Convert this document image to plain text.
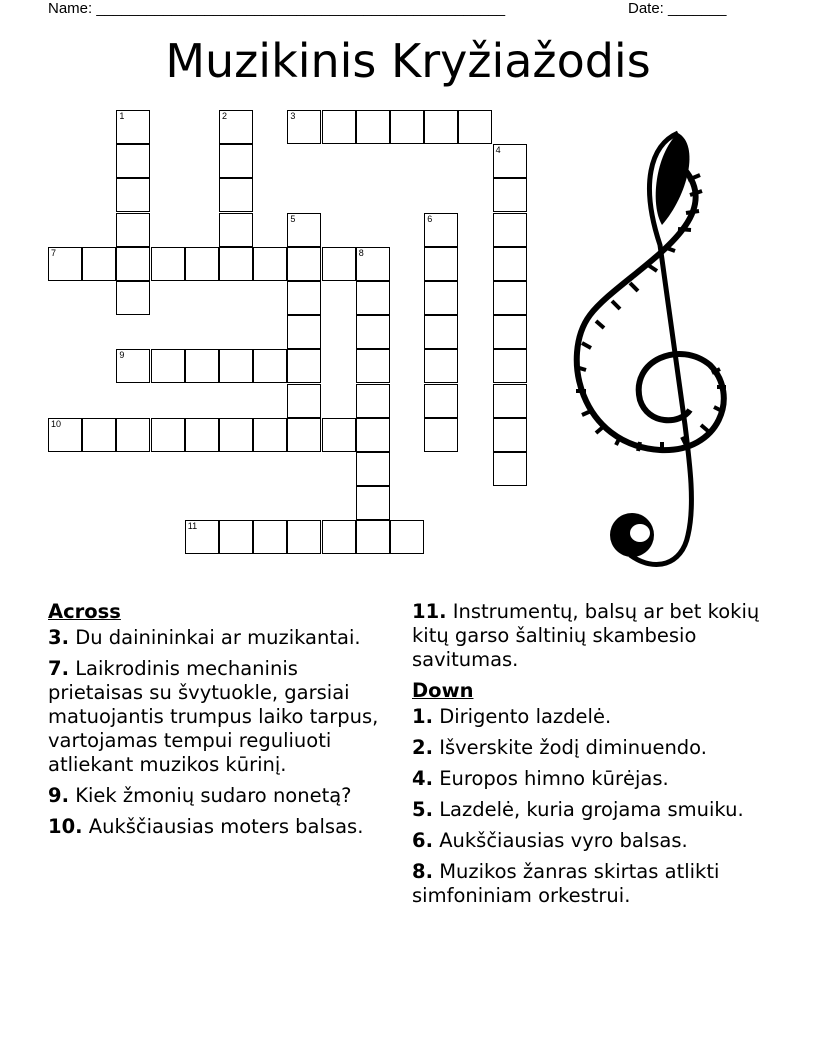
Name: _________________________________________________	Date: _______
Muzikinis Kryžiažodis
1	2	3
4
5	6
7	8
9
10
11
Across
3. Du dainininkai ar muzikantai.
7. Laikrodinis mechaninis prietaisas su švytuokle, garsiai matuojantis trumpus laiko tarpus, vartojamas tempui reguliuoti atliekant muzikos kūrinį.
9. Kiek žmonių sudaro nonetą?
10. Aukščiausias moters balsas.
11. Instrumentų, balsų ar bet kokių kitų garso šaltinių skambesio savitumas.
Down
1. Dirigento lazdelė.
2. Išverskite žodį diminuendo.
4. Europos himno kūrėjas.
5. Lazdelė, kuria grojama smuiku.
6. Aukščiausias vyro balsas.
8. Muzikos žanras skirtas atlikti simfoniniam orkestrui.
